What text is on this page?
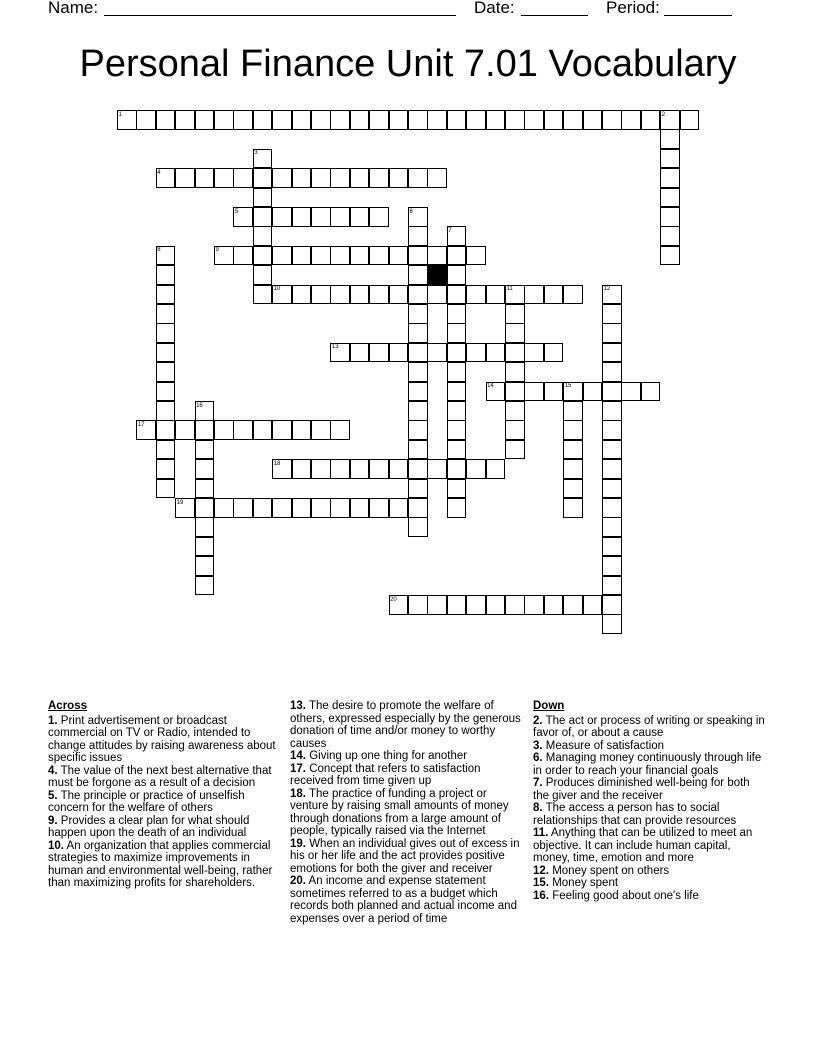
Name:	Date:	Period:
Personal Finance Unit 7.01 Vocabulary
1	2
3
4
5	6
7
8	9
10	11	12
13
14	15
16
17
18
19
20
Across
1. Print advertisement or broadcast commercial on TV or Radio, intended to change attitudes by raising awareness about specific issues
4. The value of the next best alternative that must be forgone as a result of a decision
5. The principle or practice of unselfish concern for the welfare of others
9. Provides a clear plan for what should happen upon the death of an individual
10. An organization that applies commercial strategies to maximize improvements in human and environmental well-being, rather than maximizing profits for shareholders.
13. The desire to promote the welfare of others, expressed especially by the generous donation of time and/or money to worthy causes
14. Giving up one thing for another
17. Concept that refers to satisfaction received from time given up
18. The practice of funding a project or venture by raising small amounts of money through donations from a large amount of people, typically raised via the Internet
19. When an individual gives out of excess in his or her life and the act provides positive emotions for both the giver and receiver
20. An income and expense statement sometimes referred to as a budget which records both planned and actual income and expenses over a period of time
Down
2. The act or process of writing or speaking in favor of, or about a cause
3. Measure of satisfaction
6. Managing money continuously through life in order to reach your financial goals
7. Produces diminished well-being for both the giver and the receiver
8. The access a person has to social relationships that can provide resources
11. Anything that can be utilized to meet an objective. It can include human capital, money, time, emotion and more
12. Money spent on others
15. Money spent
16. Feeling good about one's life
